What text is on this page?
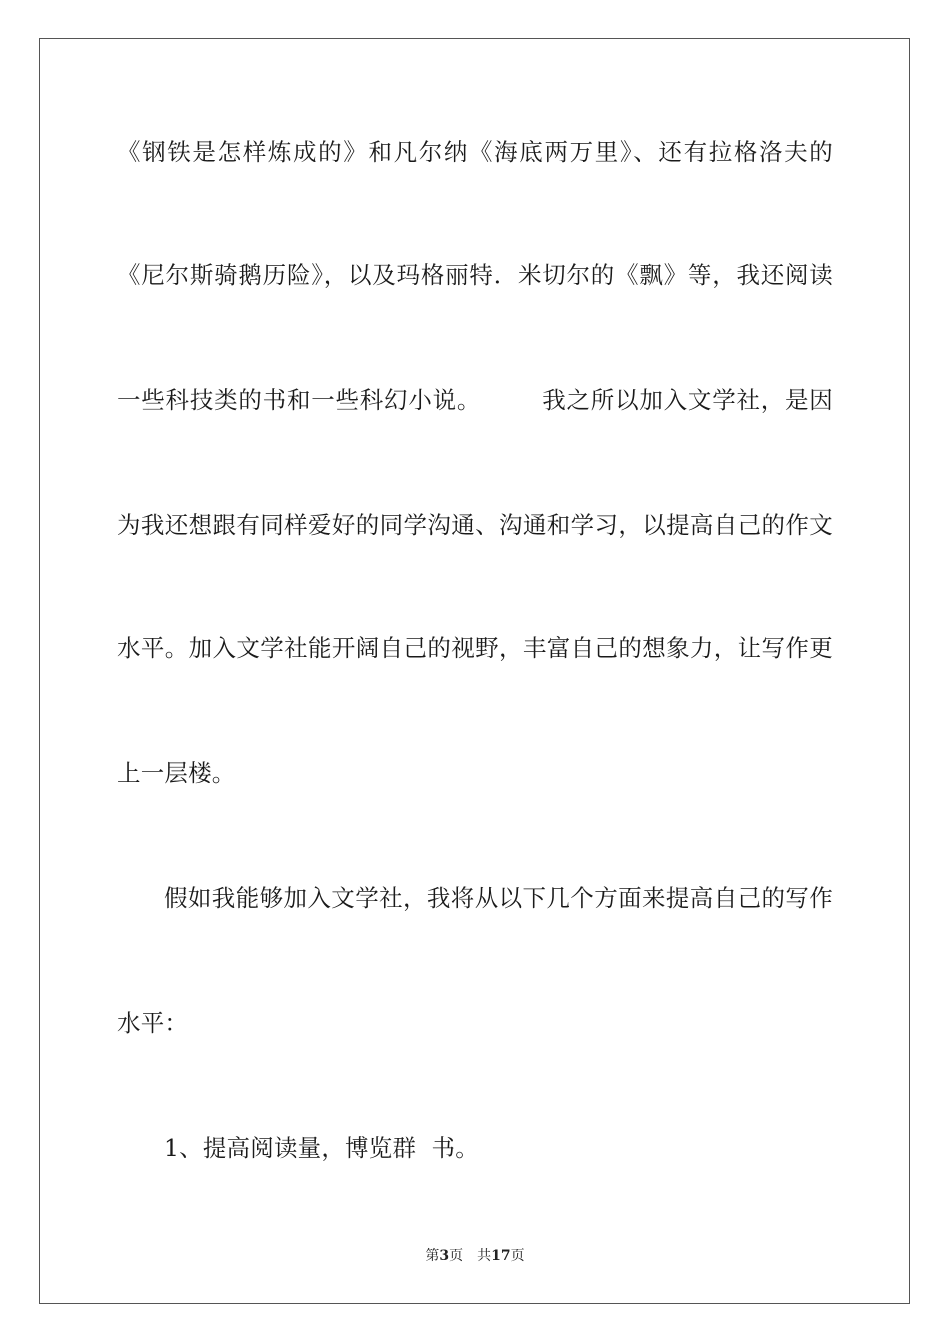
《钢铁是怎样炼成的》和凡尔纳《海底两万里》、还有拉格洛夫的
《尼尔斯骑鹅历险》，以及玛格丽特．米切尔的《飘》等，我还阅读
一些科技类的书和一些科幻小说。　　　我之所以加入文学社，是因
为我还想跟有同样爱好的同学沟通、沟通和学习，以提高自己的作文
水平。加入文学社能开阔自己的视野，丰富自己的想象力，让写作更
上一层楼。
假如我能够加入文学社，我将从以下几个方面来提高自己的写作
水平：
1、提高阅读量，博览群  书。
第3页　共17页
